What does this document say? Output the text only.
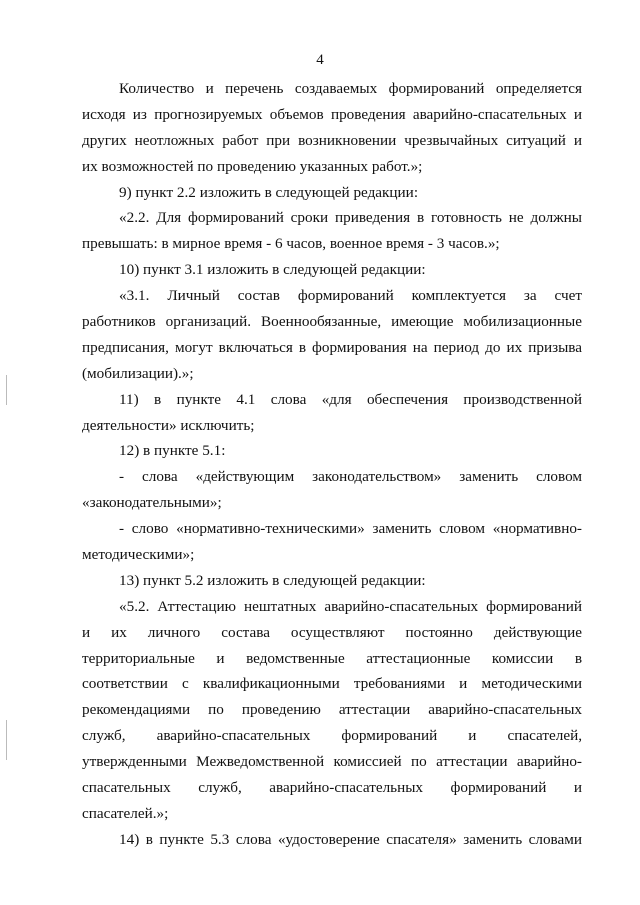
4
Количество и перечень создаваемых формирований определяется
исходя из прогнозируемых объемов проведения аварийно-спасательных и
других неотложных работ при возникновении чрезвычайных ситуаций и
их возможностей по проведению указанных работ.»;
9) пункт 2.2 изложить в следующей редакции:
«2.2. Для формирований сроки приведения в готовность не должны
превышать: в мирное время - 6 часов, военное время - 3 часов.»;
10) пункт 3.1 изложить в следующей редакции:
«3.1. Личный состав формирований комплектуется за счет
работников организаций. Военнообязанные, имеющие мобилизационные
предписания, могут включаться в формирования на период до их призыва
(мобилизации).»;
11) в пункте 4.1 слова «для обеспечения производственной
деятельности» исключить;
12) в пункте 5.1:
- слова «действующим законодательством» заменить словом
«законодательными»;
- слово «нормативно-техническими» заменить словом «нормативно-
методическими»;
13) пункт 5.2 изложить в следующей редакции:
«5.2. Аттестацию нештатных аварийно-спасательных формирований
и их личного состава осуществляют постоянно действующие
территориальные и ведомственные аттестационные комиссии в
соответствии с квалификационными требованиями и методическими
рекомендациями по проведению аттестации аварийно-спасательных
служб, аварийно-спасательных формирований и спасателей,
утвержденными Межведомственной комиссией по аттестации аварийно-
спасательных служб, аварийно-спасательных формирований и
спасателей.»;
14) в пункте 5.3 слова «удостоверение спасателя» заменить словами
